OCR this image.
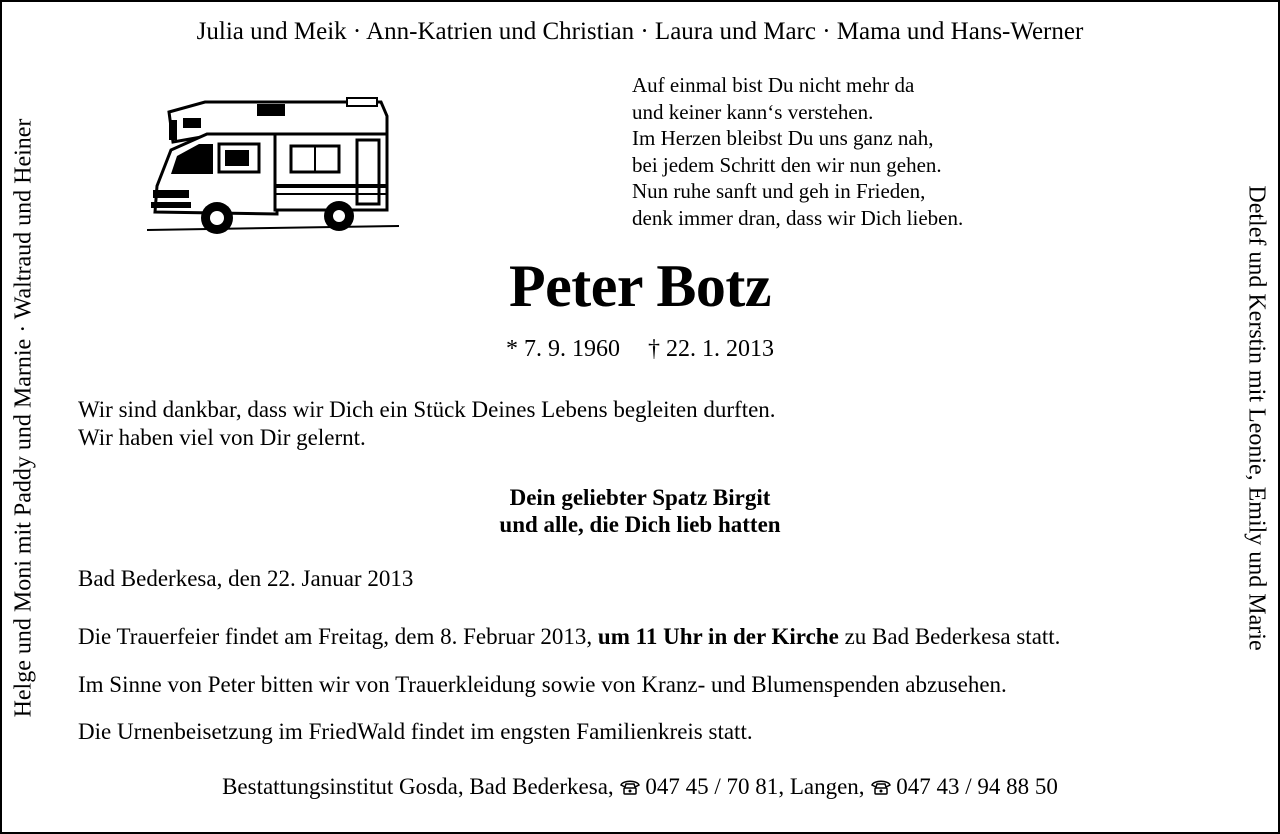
Julia und Meik · Ann-Katrien und Christian · Laura und Marc · Mama und Hans-Werner
Helge und Moni mit Paddy und Marnie · Waltraud und Heiner	Detlef und Kerstin mit Leonie, Emily und Marie
Auf einmal bist Du nicht mehr da
und keiner kann‘s verstehen.
Im Herzen bleibst Du uns ganz nah,
bei jedem Schritt den wir nun gehen.
Nun ruhe sanft und geh in Frieden,
denk immer dran, dass wir Dich lieben.
Peter Botz
* 7. 9. 1960 † 22. 1. 2013
Wir sind dankbar, dass wir Dich ein Stück Deines Lebens begleiten durften.
Wir haben viel von Dir gelernt.
Dein geliebter Spatz Birgit
und alle, die Dich lieb hatten
Bad Bederkesa, den 22. Januar 2013
Die Trauerfeier findet am Freitag, dem 8. Februar 2013, um 11 Uhr in der Kirche zu Bad Bederkesa statt.
Im Sinne von Peter bitten wir von Trauerkleidung sowie von Kranz- und Blumenspenden abzusehen.
Die Urnenbeisetzung im FriedWald findet im engsten Familienkreis statt.
Bestattungsinstitut Gosda, Bad Bederkesa, 047 45 / 70 81, Langen, 047 43 / 94 88 50
